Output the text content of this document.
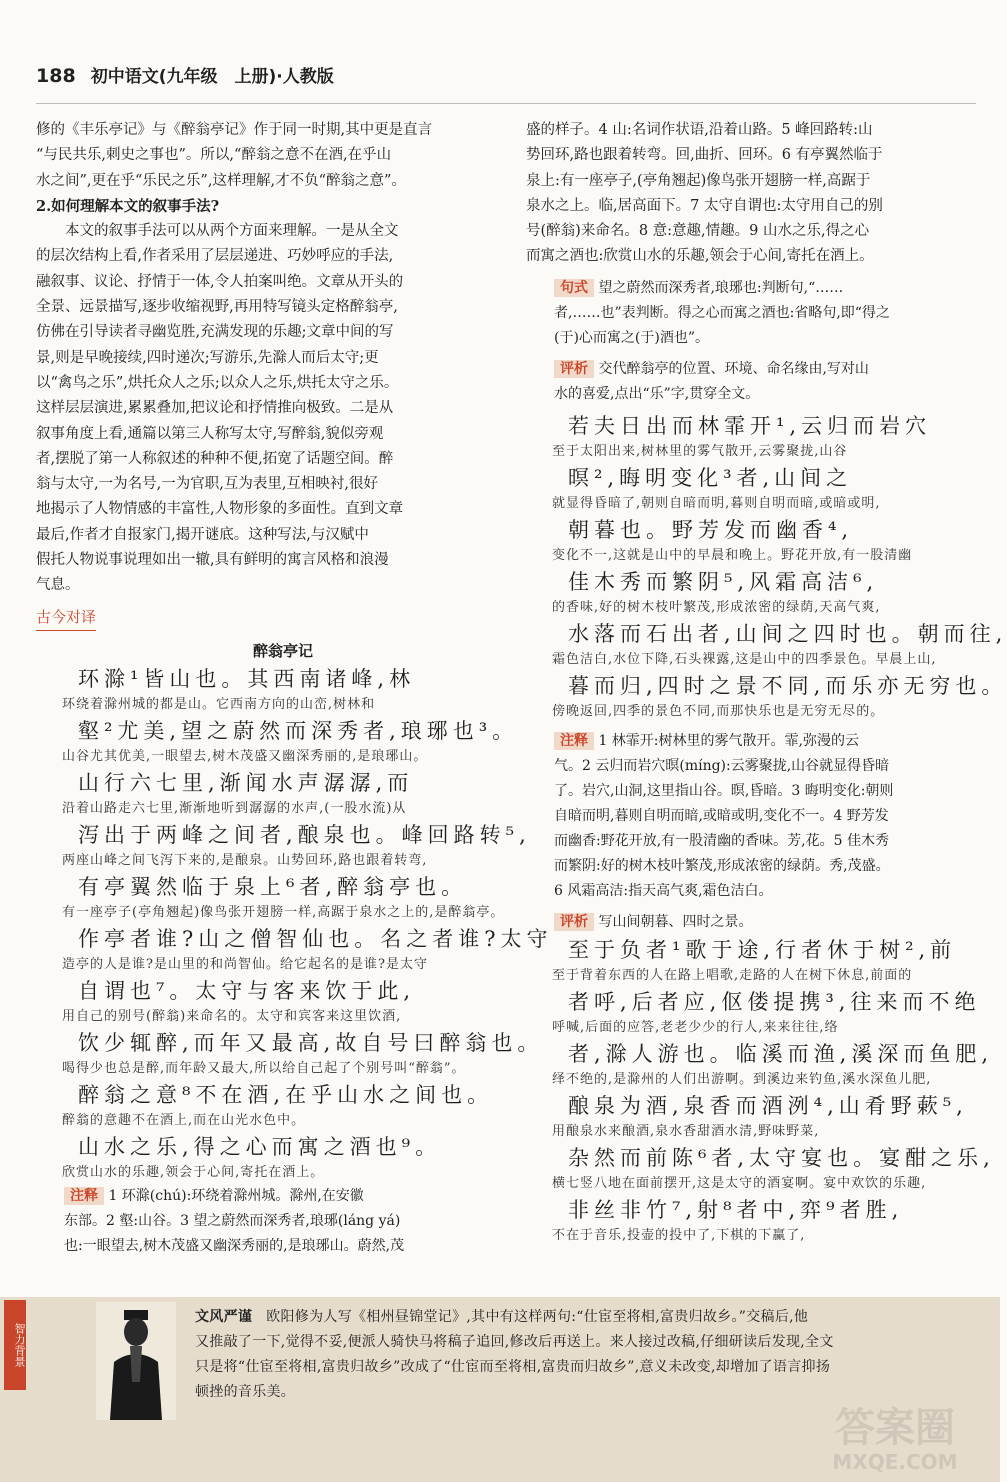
188 初中语文(九年级　上册)·人教版

修的《丰乐亭记》与《醉翁亭记》作于同一时期,其中更是直言

“与民共乐,刺史之事也”。所以,“醉翁之意不在酒,在乎山

水之间”,更在乎“乐民之乐”,这样理解,才不负“醉翁之意”。

2.如何理解本文的叙事手法?

本文的叙事手法可以从两个方面来理解。一是从全文

的层次结构上看,作者采用了层层递进、巧妙呼应的手法,

融叙事、议论、抒情于一体,令人拍案叫绝。文章从开头的

全景、远景描写,逐步收缩视野,再用特写镜头定格醉翁亭,

仿佛在引导读者寻幽览胜,充满发现的乐趣;文章中间的写

景,则是早晚接续,四时递次;写游乐,先滁人而后太守;更

以“禽鸟之乐”,烘托众人之乐;以众人之乐,烘托太守之乐。

这样层层演进,累累叠加,把议论和抒情推向极致。二是从

叙事角度上看,通篇以第三人称写太守,写醉翁,貌似旁观

者,摆脱了第一人称叙述的种种不便,拓宽了话题空间。醉

翁与太守,一为名号,一为官职,互为表里,互相映衬,很好

地揭示了人物情感的丰富性,人物形象的多面性。直到文章

最后,作者才自报家门,揭开谜底。这种写法,与汉赋中

假托人物说事说理如出一辙,具有鲜明的寓言风格和浪漫

气息。

古今对译

醉翁亭记

环滁¹皆山也。其西南诸峰,林

环绕着滁州城的都是山。它西南方向的山峦,树林和

壑²尤美,望之蔚然而深秀者,琅琊也³。

山谷尤其优美,一眼望去,树木茂盛又幽深秀丽的,是琅琊山。

山行六七里,渐闻水声潺潺,而

沿着山路走六七里,渐渐地听到潺潺的水声,(一股水流)从

泻出于两峰之间者,酿泉也。峰回路转⁵,

两座山峰之间飞泻下来的,是酿泉。山势回环,路也跟着转弯,

有亭翼然临于泉上⁶者,醉翁亭也。

有一座亭子(亭角翘起)像鸟张开翅膀一样,高踞于泉水之上的,是醉翁亭。

作亭者谁?山之僧智仙也。名之者谁?太守

造亭的人是谁?是山里的和尚智仙。给它起名的是谁?是太守

自谓也⁷。太守与客来饮于此,

用自己的别号(醉翁)来命名的。太守和宾客来这里饮酒,

饮少辄醉,而年又最高,故自号曰醉翁也。

喝得少也总是醉,而年龄又最大,所以给自己起了个别号叫“醉翁”。

醉翁之意⁸不在酒,在乎山水之间也。

醉翁的意趣不在酒上,而在山光水色中。

山水之乐,得之心而寓之酒也⁹。

欣赏山水的乐趣,领会于心间,寄托在酒上。

注释 1 环滁(chú):环绕着滁州城。滁州,在安徽

东部。2 壑:山谷。3 望之蔚然而深秀者,琅琊(láng yá)

也:一眼望去,树木茂盛又幽深秀丽的,是琅琊山。蔚然,茂

盛的样子。4 山:名词作状语,沿着山路。5 峰回路转:山

势回环,路也跟着转弯。回,曲折、回环。6 有亭翼然临于

泉上:有一座亭子,(亭角翘起)像鸟张开翅膀一样,高踞于

泉水之上。临,居高面下。7 太守自谓也:太守用自己的别

号(醉翁)来命名。8 意:意趣,情趣。9 山水之乐,得之心

而寓之酒也:欣赏山水的乐趣,领会于心间,寄托在酒上。

句式 望之蔚然而深秀者,琅琊也:判断句,“……

者,……也”表判断。得之心而寓之酒也:省略句,即“得之

(于)心而寓之(于)酒也”。

评析 交代醉翁亭的位置、环境、命名缘由,写对山

水的喜爱,点出“乐”字,贯穿全文。

若夫日出而林霏开¹,云归而岩穴

至于太阳出来,树林里的雾气散开,云雾聚拢,山谷

暝²,晦明变化³者,山间之

就显得昏暗了,朝则自暗而明,暮则自明而暗,或暗或明,

朝暮也。野芳发而幽香⁴,

变化不一,这就是山中的早晨和晚上。野花开放,有一股清幽

佳木秀而繁阴⁵,风霜高洁⁶,

的香味,好的树木枝叶繁茂,形成浓密的绿荫,天高气爽,

水落而石出者,山间之四时也。朝而往,

霜色洁白,水位下降,石头裸露,这是山中的四季景色。早晨上山,

暮而归,四时之景不同,而乐亦无穷也。

傍晚返回,四季的景色不同,而那快乐也是无穷无尽的。

注释 1 林霏开:树林里的雾气散开。霏,弥漫的云

气。2 云归而岩穴暝(míng):云雾聚拢,山谷就显得昏暗

了。岩穴,山洞,这里指山谷。暝,昏暗。3 晦明变化:朝则

自暗而明,暮则自明而暗,或暗或明,变化不一。4 野芳发

而幽香:野花开放,有一股清幽的香味。芳,花。5 佳木秀

而繁阴:好的树木枝叶繁茂,形成浓密的绿荫。秀,茂盛。

6 风霜高洁:指天高气爽,霜色洁白。

评析 写山间朝暮、四时之景。

至于负者¹歌于途,行者休于树²,前

至于背着东西的人在路上唱歌,走路的人在树下休息,前面的

者呼,后者应,伛偻提携³,往来而不绝

呼喊,后面的应答,老老少少的行人,来来往往,络

者,滁人游也。临溪而渔,溪深而鱼肥,

绎不绝的,是滁州的人们出游啊。到溪边来钓鱼,溪水深鱼儿肥,

酿泉为酒,泉香而酒洌⁴,山肴野蔌⁵,

用酿泉水来酿酒,泉水香甜酒水清,野味野菜,

杂然而前陈⁶者,太守宴也。宴酣之乐,

横七竖八地在面前摆开,这是太守的酒宴啊。宴中欢饮的乐趣,

非丝非竹⁷,射⁸者中,弈⁹者胜,

不在于音乐,投壶的投中了,下棋的下赢了,

智力背景
文风严谨 欧阳修为人写《相州昼锦堂记》,其中有这样两句:“仕宦至将相,富贵归故乡。”交稿后,他
又推敲了一下,觉得不妥,便派人骑快马将稿子追回,修改后再送上。来人接过改稿,仔细研读后发现,全文
只是将“仕宦至将相,富贵归故乡”改成了“仕宦而至将相,富贵而归故乡”,意义未改变,却增加了语言抑扬
顿挫的音乐美。
答案圈
MXQE.COM
